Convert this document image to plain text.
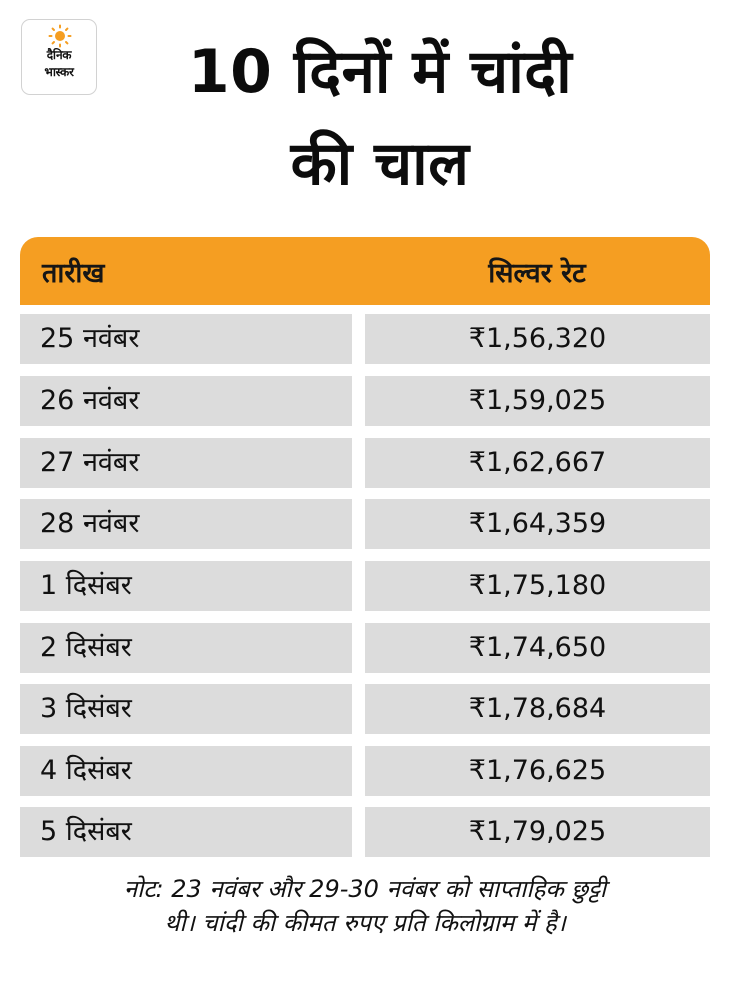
दैनिक
भास्कर	10 दिनों में चांदी
की चाल
तारीख	सिल्वर रेट
25 नवंबर	₹1,56,320
26 नवंबर	₹1,59,025
27 नवंबर	₹1,62,667
28 नवंबर	₹1,64,359
1 दिसंबर	₹1,75,180
2 दिसंबर	₹1,74,650
3 दिसंबर	₹1,78,684
4 दिसंबर	₹1,76,625
5 दिसंबर	₹1,79,025
नोट: 23 नवंबर और 29-30 नवंबर को साप्ताहिक छुट्टी
थी। चांदी की कीमत रुपए प्रति किलोग्राम में है।
